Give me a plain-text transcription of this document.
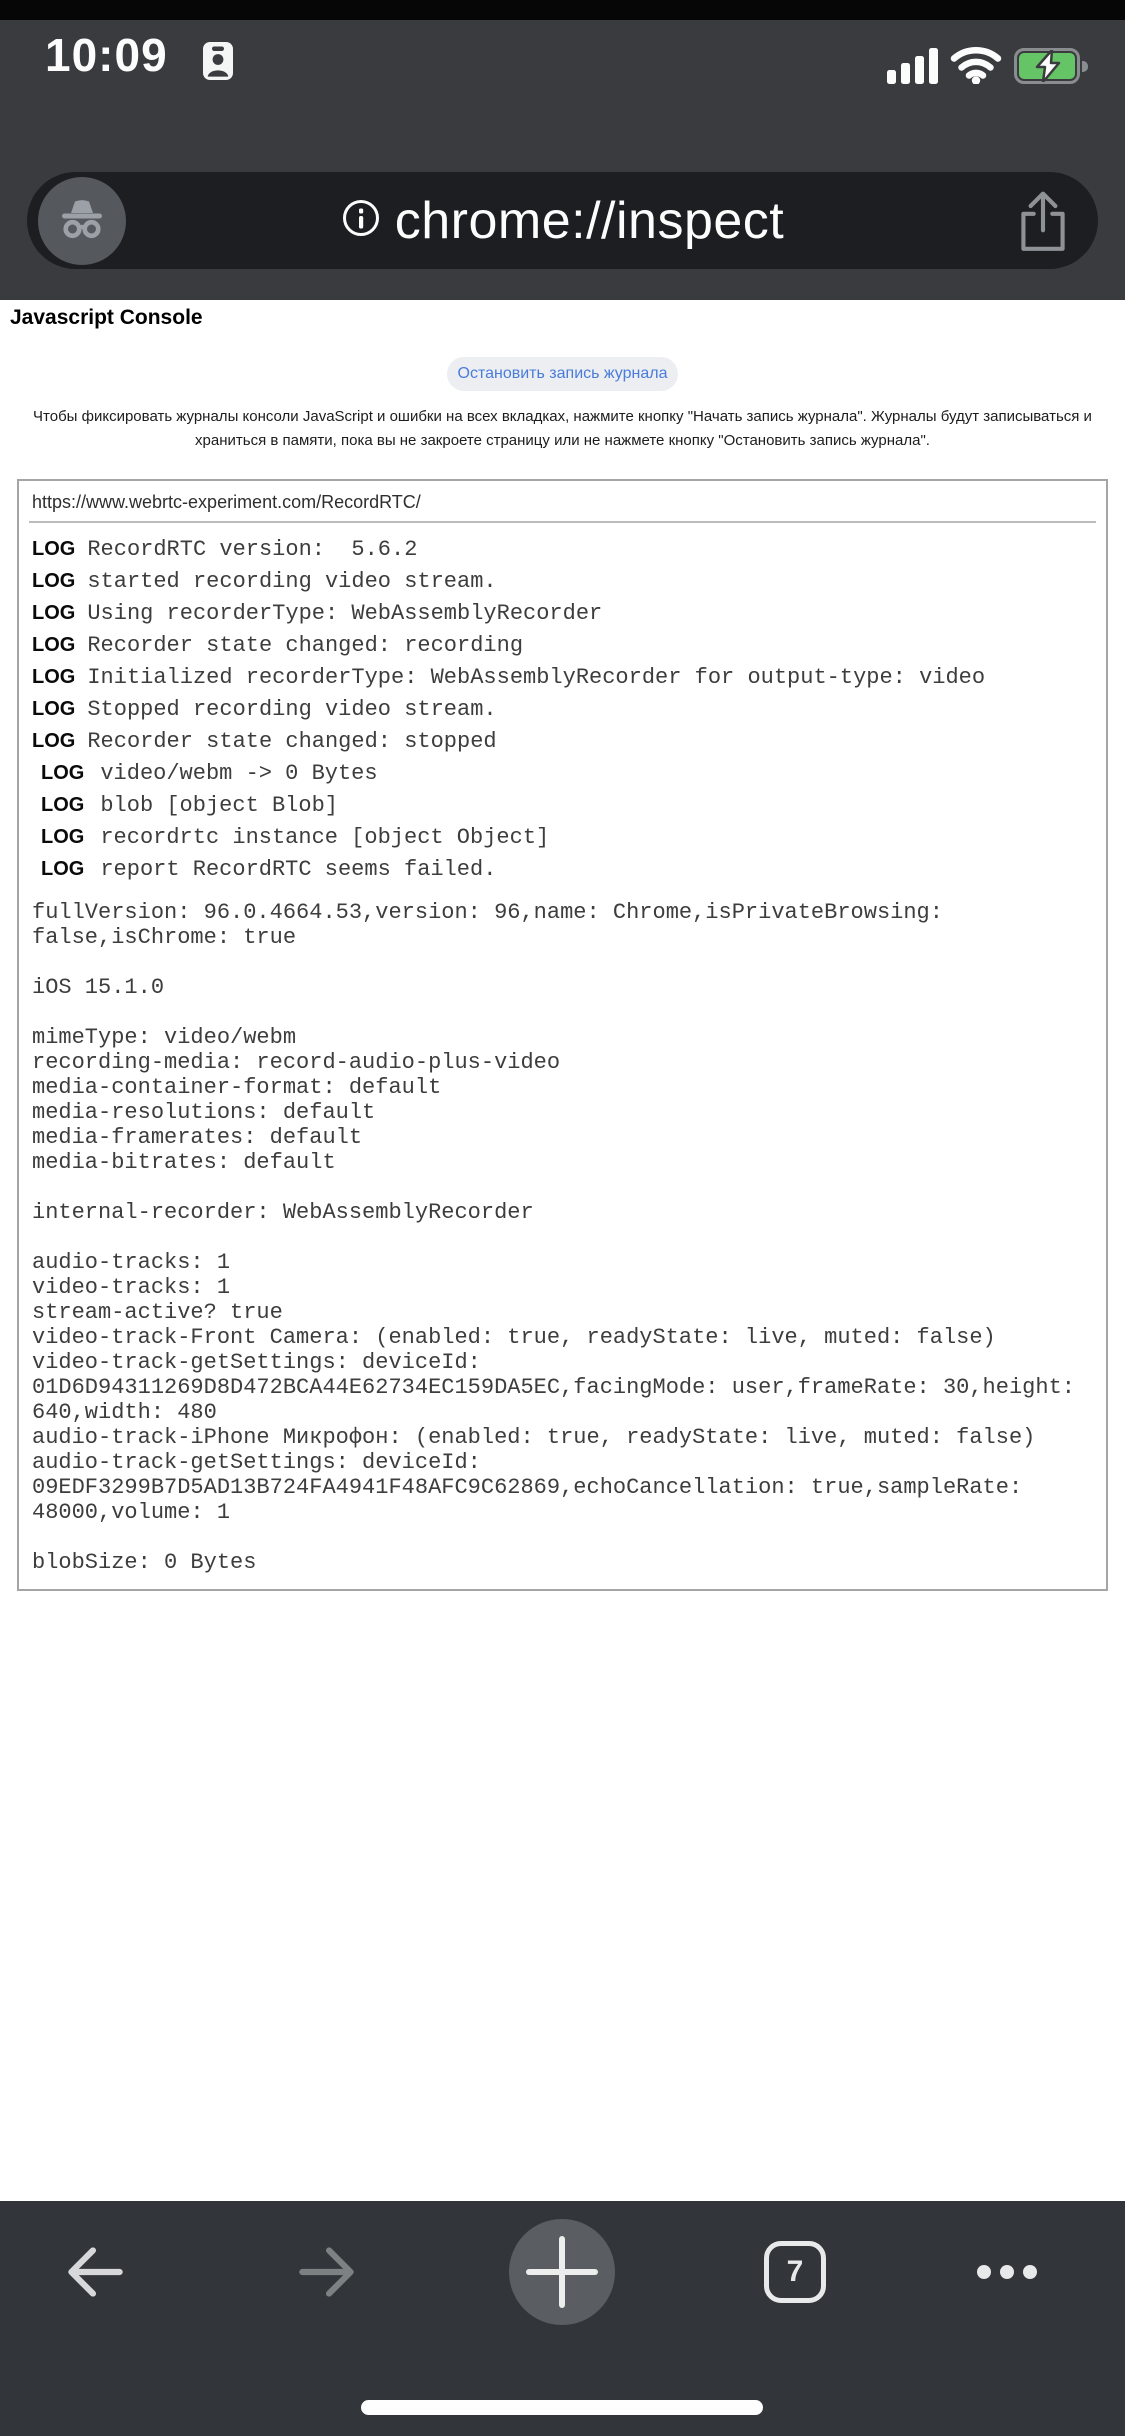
10:09
chrome://inspect
Javascript Console
Остановить запись журнала
Чтобы фиксировать журналы консоли JavaScript и ошибки на всех вкладках, нажмите кнопку "Начать запись журнала". Журналы будут записываться и
храниться в памяти, пока вы не закроете страницу или не нажмете кнопку "Остановить запись журнала".
https://www.webrtc-experiment.com/RecordRTC/
LOG RecordRTC version:  5.6.2
LOG started recording video stream.
LOG Using recorderType: WebAssemblyRecorder
LOG Recorder state changed: recording
LOG Initialized recorderType: WebAssemblyRecorder for output-type: video
LOG Stopped recording video stream.
LOG Recorder state changed: stopped
LOG video/webm -> 0 Bytes
LOG blob [object Blob]
LOG recordrtc instance [object Object]
LOG report RecordRTC seems failed.
fullVersion: 96.0.4664.53,version: 96,name: Chrome,isPrivateBrowsing:
false,isChrome: true
iOS 15.1.0
mimeType: video/webm
recording-media: record-audio-plus-video
media-container-format: default
media-resolutions: default
media-framerates: default
media-bitrates: default
internal-recorder: WebAssemblyRecorder
audio-tracks: 1
video-tracks: 1
stream-active? true
video-track-Front Camera: (enabled: true, readyState: live, muted: false)
video-track-getSettings: deviceId:
01D6D94311269D8D472BCA44E62734EC159DA5EC,facingMode: user,frameRate: 30,height:
640,width: 480
audio-track-iPhone Микрофон: (enabled: true, readyState: live, muted: false)
audio-track-getSettings: deviceId:
09EDF3299B7D5AD13B724FA4941F48AFC9C62869,echoCancellation: true,sampleRate:
48000,volume: 1
blobSize: 0 Bytes
7
